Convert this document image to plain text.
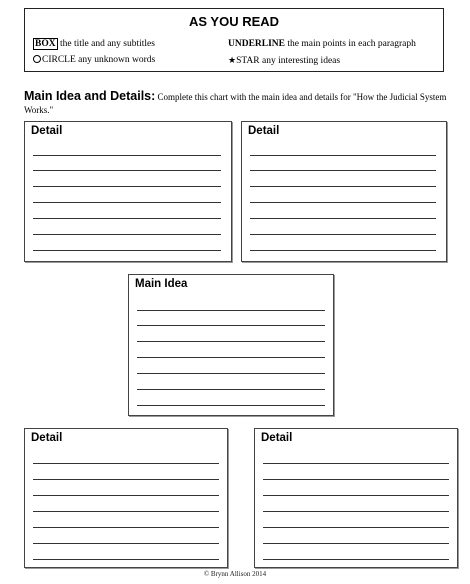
AS YOU READ
BOX the title and any subtitles	UNDERLINE the main points in each paragraph
CIRCLE any unknown words	★STAR any interesting ideas
Main Idea and Details: Complete this chart with the main idea and details for "How the Judicial System Works."
Detail	Detail
Main Idea
Detail	Detail
© Brynn Allison 2014
